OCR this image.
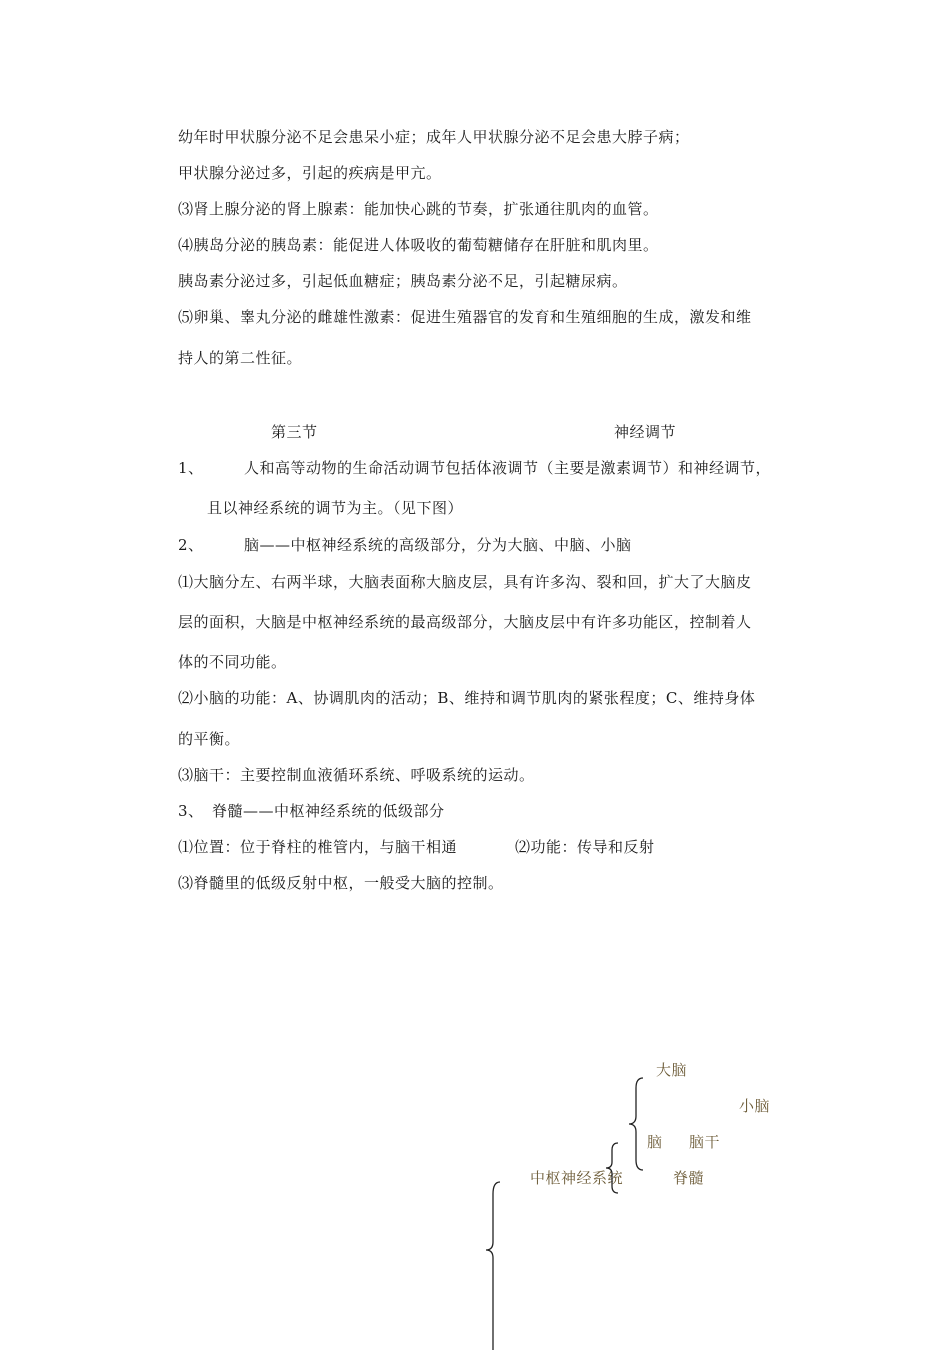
幼年时甲状腺分泌不足会患呆小症；成年人甲状腺分泌不足会患大脖子病；
甲状腺分泌过多，引起的疾病是甲亢。
⑶肾上腺分泌的肾上腺素：能加快心跳的节奏，扩张通往肌肉的血管。
⑷胰岛分泌的胰岛素：能促进人体吸收的葡萄糖储存在肝脏和肌肉里。
胰岛素分泌过多，引起低血糖症；胰岛素分泌不足，引起糖尿病。
⑸卵巢、睾丸分泌的雌雄性激素：促进生殖器官的发育和生殖细胞的生成，激发和维
持人的第二性征。
第三节	神经调节
1、	人和高等动物的生命活动调节包括体液调节（主要是激素调节）和神经调节，
且以神经系统的调节为主。（见下图）
2、	脑——中枢神经系统的高级部分，分为大脑、中脑、小脑
⑴大脑分左、右两半球，大脑表面称大脑皮层，具有许多沟、裂和回，扩大了大脑皮
层的面积，大脑是中枢神经系统的最高级部分，大脑皮层中有许多功能区，控制着人
体的不同功能。
⑵小脑的功能：A、协调肌肉的活动；B、维持和调节肌肉的紧张程度；C、维持身体
的平衡。
⑶脑干：主要控制血液循环系统、呼吸系统的运动。
3、 脊髓——中枢神经系统的低级部分
⑴位置：位于脊柱的椎管内，与脑干相通	⑵功能：传导和反射
⑶脊髓里的低级反射中枢，一般受大脑的控制。
大脑
小脑
脑 脑干
中枢神经系统	脊髓
